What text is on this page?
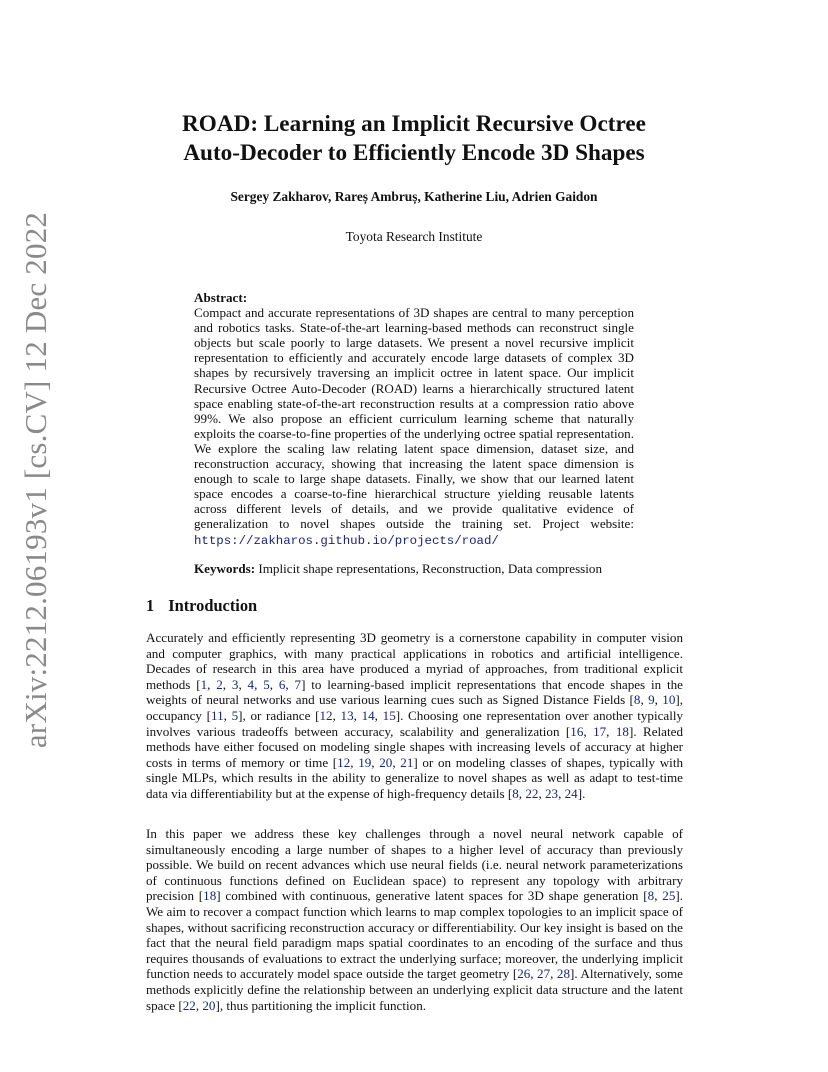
arXiv:2212.06193v1 [cs.CV] 12 Dec 2022
ROAD: Learning an Implicit Recursive Octree
Auto-Decoder to Efficiently Encode 3D Shapes
Sergey Zakharov, Rareș Ambruș, Katherine Liu, Adrien Gaidon
Toyota Research Institute
Abstract:
Compact and accurate representations of 3D shapes are central to many perception and robotics tasks. State-of-the-art learning-based methods can reconstruct single objects but scale poorly to large datasets. We present a novel recursive implicit representation to efficiently and accurately encode large datasets of complex 3D shapes by recursively traversing an implicit octree in latent space. Our implicit Recursive Octree Auto-Decoder (ROAD) learns a hierarchically structured latent space enabling state-of-the-art reconstruction results at a compression ratio above 99%. We also propose an efficient curriculum learning scheme that naturally exploits the coarse-to-fine properties of the underlying octree spatial representation. We explore the scaling law relating latent space dimension, dataset size, and reconstruction accuracy, showing that increasing the latent space dimension is enough to scale to large shape datasets. Finally, we show that our learned latent space encodes a coarse-to-fine hierarchical structure yielding reusable latents across different levels of details, and we provide qualitative evidence of generalization to novel shapes outside the training set. Project website: https://zakharos.github.io/projects/road/
Keywords: Implicit shape representations, Reconstruction, Data compression
1 Introduction
Accurately and efficiently representing 3D geometry is a cornerstone capability in computer vision and computer graphics, with many practical applications in robotics and artificial intelligence. Decades of research in this area have produced a myriad of approaches, from traditional explicit methods [1, 2, 3, 4, 5, 6, 7] to learning-based implicit representations that encode shapes in the weights of neural networks and use various learning cues such as Signed Distance Fields [8, 9, 10], occupancy [11, 5], or radiance [12, 13, 14, 15]. Choosing one representation over another typically involves various tradeoffs between accuracy, scalability and generalization [16, 17, 18]. Related methods have either focused on modeling single shapes with increasing levels of accuracy at higher costs in terms of memory or time [12, 19, 20, 21] or on modeling classes of shapes, typically with single MLPs, which results in the ability to generalize to novel shapes as well as adapt to test-time data via differentiability but at the expense of high-frequency details [8, 22, 23, 24].
In this paper we address these key challenges through a novel neural network capable of simultaneously encoding a large number of shapes to a higher level of accuracy than previously possible. We build on recent advances which use neural fields (i.e. neural network parameterizations of continuous functions defined on Euclidean space) to represent any topology with arbitrary precision [18] combined with continuous, generative latent spaces for 3D shape generation [8, 25]. We aim to recover a compact function which learns to map complex topologies to an implicit space of shapes, without sacrificing reconstruction accuracy or differentiability. Our key insight is based on the fact that the neural field paradigm maps spatial coordinates to an encoding of the surface and thus requires thousands of evaluations to extract the underlying surface; moreover, the underlying implicit function needs to accurately model space outside the target geometry [26, 27, 28]. Alternatively, some methods explicitly define the relationship between an underlying explicit data structure and the latent space [22, 20], thus partitioning the implicit function.
